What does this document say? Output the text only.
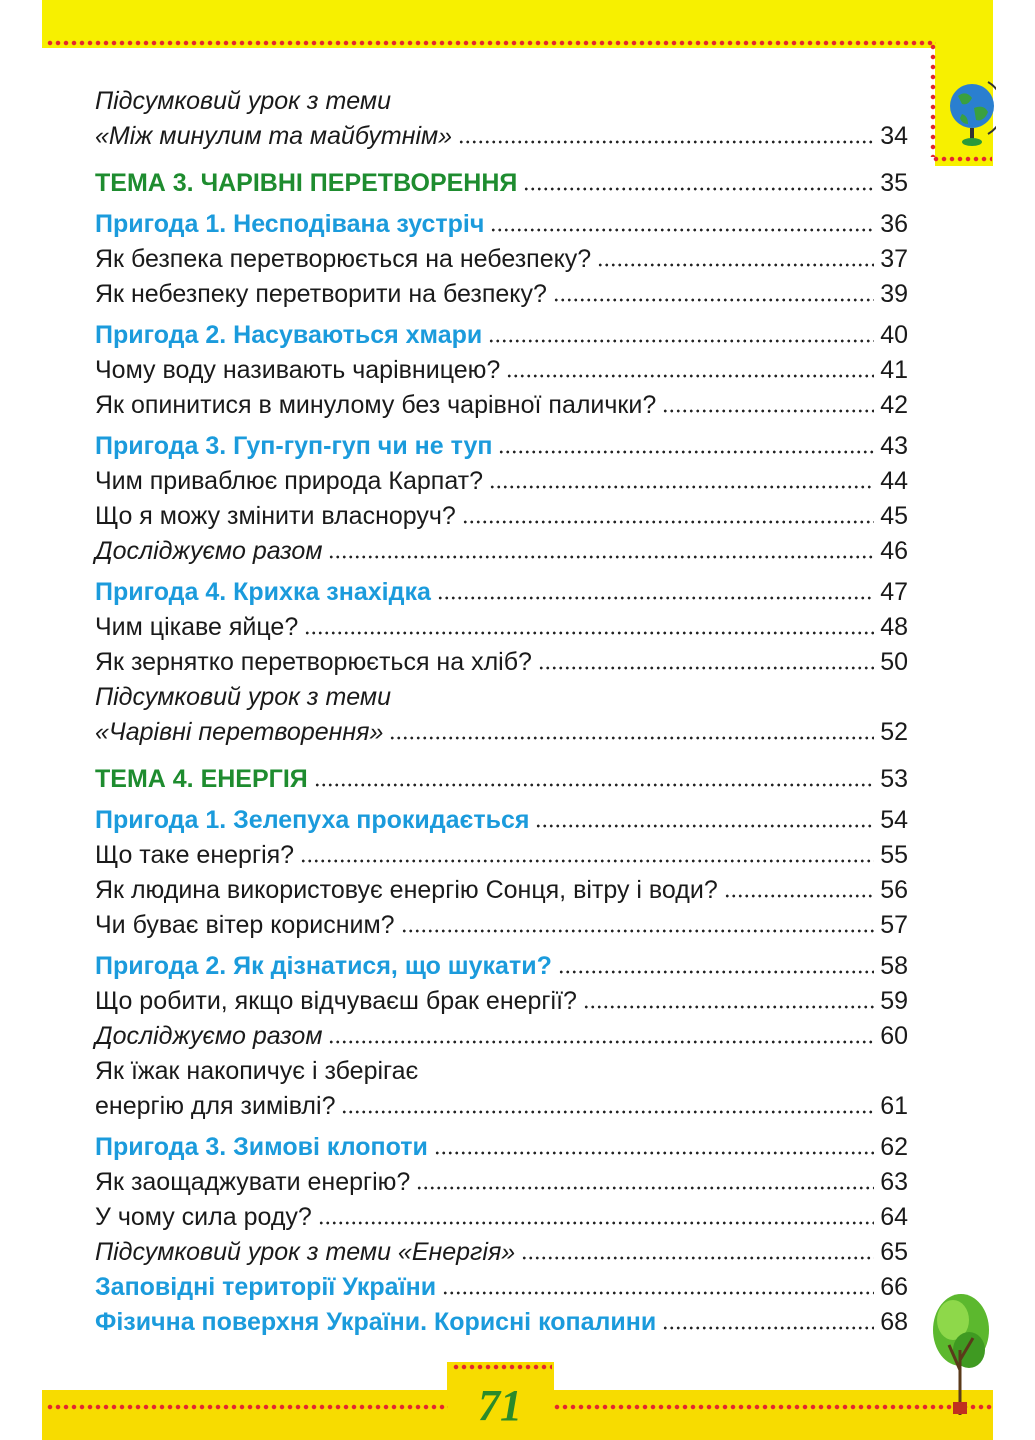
Підсумковий урок з теми
«Між минулим та майбутнім»	34
ТЕМА 3. ЧАРІВНІ ПЕРЕТВОРЕННЯ	35
Пригода 1. Несподівана зустріч	36
Як безпека перетворюється на небезпеку?	37
Як небезпеку перетворити на безпеку?	39
Пригода 2. Насуваються хмари	40
Чому воду називають чарівницею?	41
Як опинитися в минулому без чарівної палички?	42
Пригода 3. Гуп-гуп-гуп чи не туп	43
Чим приваблює природа Карпат?	44
Що я можу змінити власноруч?	45
Досліджуємо разом	46
Пригода 4. Крихка знахідка	47
Чим цікаве яйце?	48
Як зернятко перетворюється на хліб?	50
Підсумковий урок з теми
«Чарівні перетворення»	52
ТЕМА 4. ЕНЕРГІЯ	53
Пригода 1. Зелепуха прокидається	54
Що таке енергія?	55
Як людина використовує енергію Сонця, вітру і води?	56
Чи буває вітер корисним?	57
Пригода 2. Як дізнатися, що шукати?	58
Що робити, якщо відчуваєш брак енергії?	59
Досліджуємо разом	60
Як їжак накопичує і зберігає
енергію для зимівлі?	61
Пригода 3. Зимові клопоти	62
Як заощаджувати енергію?	63
У чому сила роду?	64
Підсумковий урок з теми «Енергія»	65
Заповідні території України	66
Фізична поверхня України. Корисні копалини	68
71
